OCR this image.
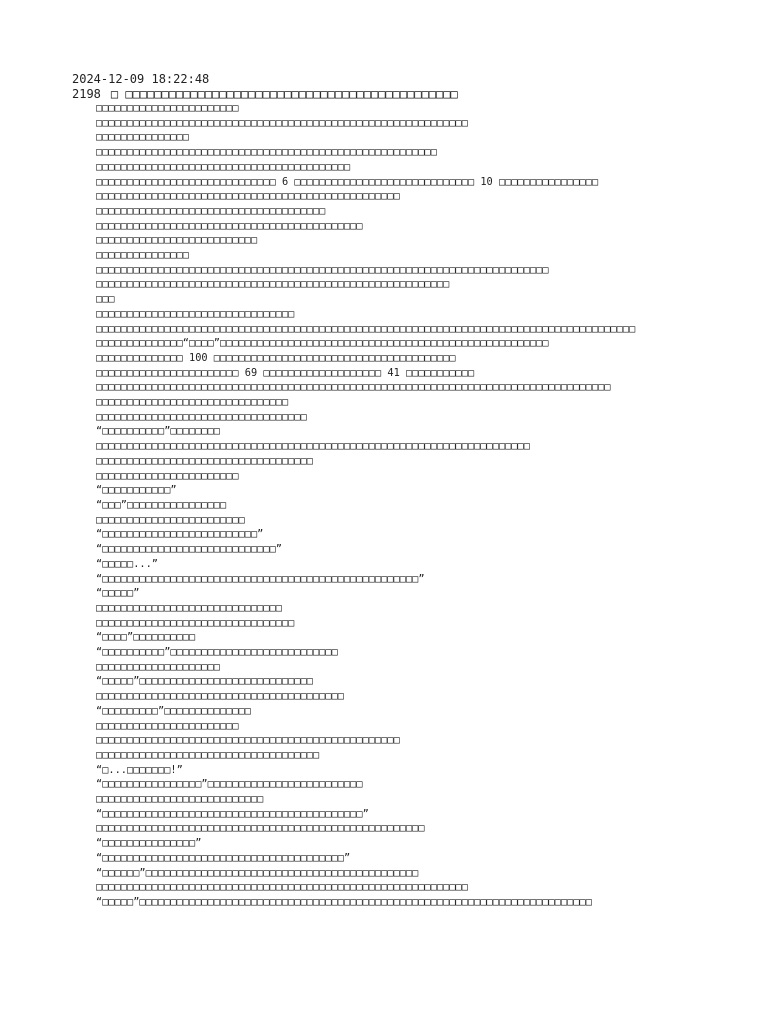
2024-12-09 18:22:48
2198 □ □□□□□□□□□□□□□□□□□□□□□□□□□□□□□□□□□□□□□□□□□□□□□□
□□□□□□□□□□□□□□□□□□□□□□□
□□□□□□□□□□□□□□□□□□□□□□□□□□□□□□□□□□□□□□□□□□□□□□□□□□□□□□□□□□□□
□□□□□□□□□□□□□□□
□□□□□□□□□□□□□□□□□□□□□□□□□□□□□□□□□□□□□□□□□□□□□□□□□□□□□□□
□□□□□□□□□□□□□□□□□□□□□□□□□□□□□□□□□□□□□□□□□
□□□□□□□□□□□□□□□□□□□□□□□□□□□□□ 6 □□□□□□□□□□□□□□□□□□□□□□□□□□□□□ 10 □□□□□□□□□□□□□□□□
□□□□□□□□□□□□□□□□□□□□□□□□□□□□□□□□□□□□□□□□□□□□□□□□□
□□□□□□□□□□□□□□□□□□□□□□□□□□□□□□□□□□□□□
□□□□□□□□□□□□□□□□□□□□□□□□□□□□□□□□□□□□□□□□□□□
□□□□□□□□□□□□□□□□□□□□□□□□□□
□□□□□□□□□□□□□□□
□□□□□□□□□□□□□□□□□□□□□□□□□□□□□□□□□□□□□□□□□□□□□□□□□□□□□□□□□□□□□□□□□□□□□□□□□
□□□□□□□□□□□□□□□□□□□□□□□□□□□□□□□□□□□□□□□□□□□□□□□□□□□□□□□□□
□□□
□□□□□□□□□□□□□□□□□□□□□□□□□□□□□□□□
□□□□□□□□□□□□□□□□□□□□□□□□□□□□□□□□□□□□□□□□□□□□□□□□□□□□□□□□□□□□□□□□□□□□□□□□□□□□□□□□□□□□□□□
□□□□□□□□□□□□□□“□□□□”□□□□□□□□□□□□□□□□□□□□□□□□□□□□□□□□□□□□□□□□□□□□□□□□□□□□□
□□□□□□□□□□□□□□ 100 □□□□□□□□□□□□□□□□□□□□□□□□□□□□□□□□□□□□□□□
□□□□□□□□□□□□□□□□□□□□□□□ 69 □□□□□□□□□□□□□□□□□□□ 41 □□□□□□□□□□□
□□□□□□□□□□□□□□□□□□□□□□□□□□□□□□□□□□□□□□□□□□□□□□□□□□□□□□□□□□□□□□□□□□□□□□□□□□□□□□□□□□□
□□□□□□□□□□□□□□□□□□□□□□□□□□□□□□□
□□□□□□□□□□□□□□□□□□□□□□□□□□□□□□□□□□
“□□□□□□□□□□”□□□□□□□□
□□□□□□□□□□□□□□□□□□□□□□□□□□□□□□□□□□□□□□□□□□□□□□□□□□□□□□□□□□□□□□□□□□□□□□
□□□□□□□□□□□□□□□□□□□□□□□□□□□□□□□□□□□
□□□□□□□□□□□□□□□□□□□□□□□
“□□□□□□□□□□□”
“□□□”□□□□□□□□□□□□□□□□
□□□□□□□□□□□□□□□□□□□□□□□□
“□□□□□□□□□□□□□□□□□□□□□□□□□”
“□□□□□□□□□□□□□□□□□□□□□□□□□□□□”
“□□□□□...”
“□□□□□□□□□□□□□□□□□□□□□□□□□□□□□□□□□□□□□□□□□□□□□□□□□□□”
“□□□□□”
□□□□□□□□□□□□□□□□□□□□□□□□□□□□□□
□□□□□□□□□□□□□□□□□□□□□□□□□□□□□□□□
“□□□□”□□□□□□□□□□
“□□□□□□□□□□”□□□□□□□□□□□□□□□□□□□□□□□□□□□
□□□□□□□□□□□□□□□□□□□□
“□□□□□”□□□□□□□□□□□□□□□□□□□□□□□□□□□□
□□□□□□□□□□□□□□□□□□□□□□□□□□□□□□□□□□□□□□□□
“□□□□□□□□□”□□□□□□□□□□□□□□
□□□□□□□□□□□□□□□□□□□□□□□
□□□□□□□□□□□□□□□□□□□□□□□□□□□□□□□□□□□□□□□□□□□□□□□□□
□□□□□□□□□□□□□□□□□□□□□□□□□□□□□□□□□□□□
“□...□□□□□□□!”
“□□□□□□□□□□□□□□□□”□□□□□□□□□□□□□□□□□□□□□□□□□
□□□□□□□□□□□□□□□□□□□□□□□□□□□
“□□□□□□□□□□□□□□□□□□□□□□□□□□□□□□□□□□□□□□□□□□”
□□□□□□□□□□□□□□□□□□□□□□□□□□□□□□□□□□□□□□□□□□□□□□□□□□□□□
“□□□□□□□□□□□□□□□”
“□□□□□□□□□□□□□□□□□□□□□□□□□□□□□□□□□□□□□□□”
“□□□□□□”□□□□□□□□□□□□□□□□□□□□□□□□□□□□□□□□□□□□□□□□□□□□
□□□□□□□□□□□□□□□□□□□□□□□□□□□□□□□□□□□□□□□□□□□□□□□□□□□□□□□□□□□□
“□□□□□”□□□□□□□□□□□□□□□□□□□□□□□□□□□□□□□□□□□□□□□□□□□□□□□□□□□□□□□□□□□□□□□□□□□□□□□□□
